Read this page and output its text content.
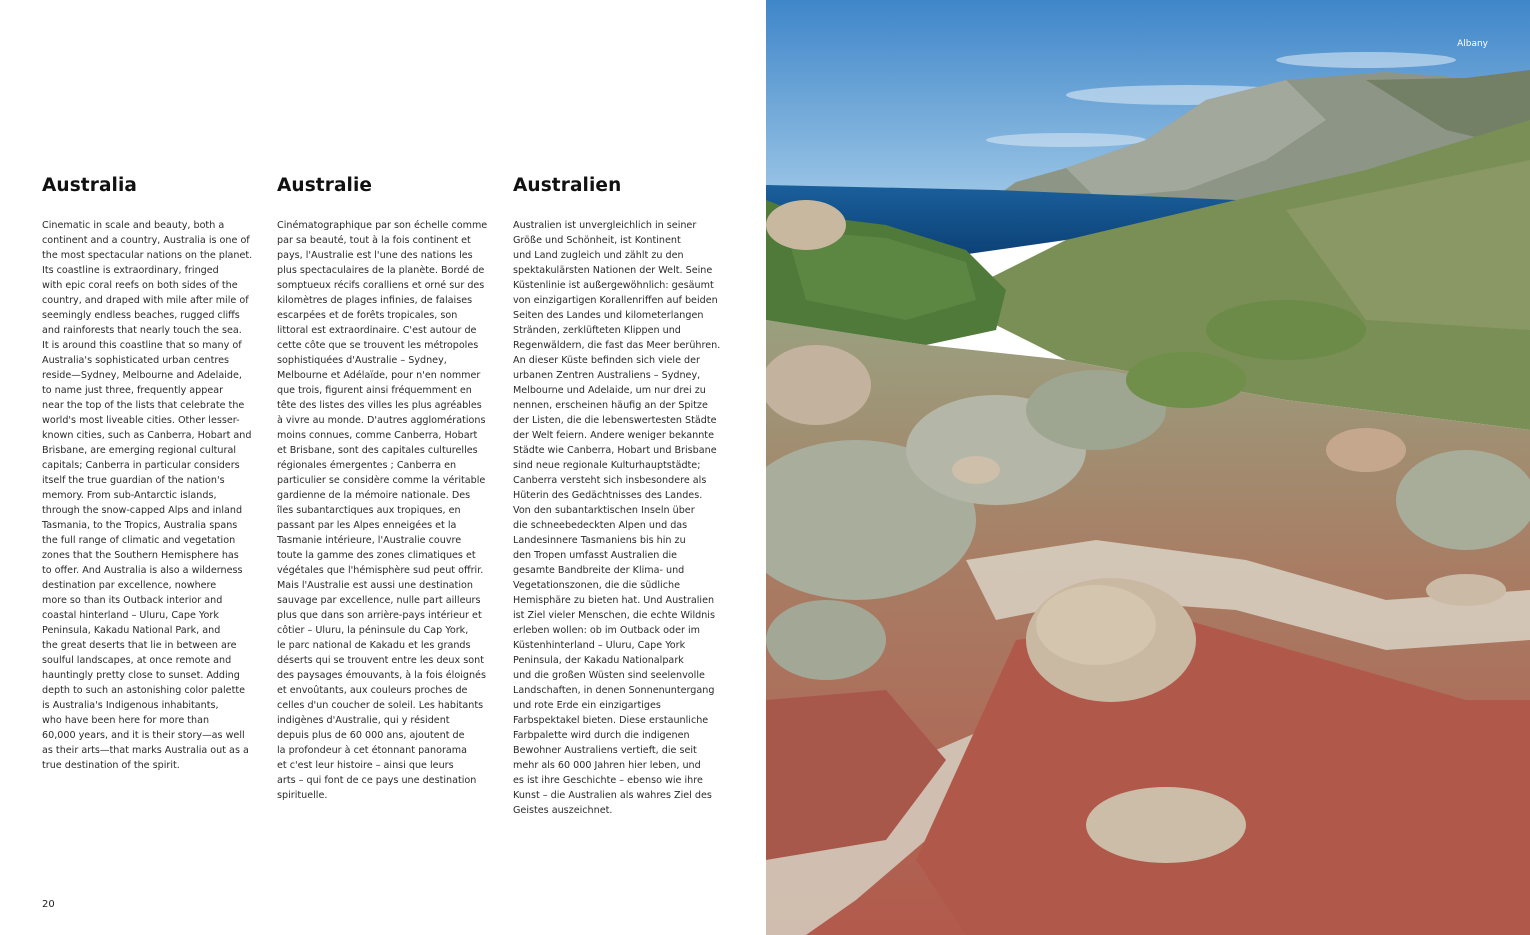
Australia

Cinematic in scale and beauty, both a
continent and a country, Australia is one of
the most spectacular nations on the planet.
Its coastline is extraordinary, fringed
with epic coral reefs on both sides of the
country, and draped with mile after mile of
seemingly endless beaches, rugged cliffs
and rainforests that nearly touch the sea.
It is around this coastline that so many of
Australia's sophisticated urban centres
reside—Sydney, Melbourne and Adelaide,
to name just three, frequently appear
near the top of the lists that celebrate the
world's most liveable cities. Other lesser-
known cities, such as Canberra, Hobart and
Brisbane, are emerging regional cultural
capitals; Canberra in particular considers
itself the true guardian of the nation's
memory. From sub-Antarctic islands,
through the snow-capped Alps and inland
Tasmania, to the Tropics, Australia spans
the full range of climatic and vegetation
zones that the Southern Hemisphere has
to offer. And Australia is also a wilderness
destination par excellence, nowhere
more so than its Outback interior and
coastal hinterland – Uluru, Cape York
Peninsula, Kakadu National Park, and
the great deserts that lie in between are
soulful landscapes, at once remote and
hauntingly pretty close to sunset. Adding
depth to such an astonishing color palette
is Australia's Indigenous inhabitants,
who have been here for more than
60,000 years, and it is their story—as well
as their arts—that marks Australia out as a
true destination of the spirit.

Australie

Cinématographique par son échelle comme
par sa beauté, tout à la fois continent et
pays, l'Australie est l'une des nations les
plus spectaculaires de la planète. Bordé de
somptueux récifs coralliens et orné sur des
kilomètres de plages infinies, de falaises
escarpées et de forêts tropicales, son
littoral est extraordinaire. C'est autour de
cette côte que se trouvent les métropoles
sophistiquées d'Australie – Sydney,
Melbourne et Adélaïde, pour n'en nommer
que trois, figurent ainsi fréquemment en
tête des listes des villes les plus agréables
à vivre au monde. D'autres agglomérations
moins connues, comme Canberra, Hobart
et Brisbane, sont des capitales culturelles
régionales émergentes ; Canberra en
particulier se considère comme la véritable
gardienne de la mémoire nationale. Des
îles subantarctiques aux tropiques, en
passant par les Alpes enneigées et la
Tasmanie intérieure, l'Australie couvre
toute la gamme des zones climatiques et
végétales que l'hémisphère sud peut offrir.
Mais l'Australie est aussi une destination
sauvage par excellence, nulle part ailleurs
plus que dans son arrière-pays intérieur et
côtier – Uluru, la péninsule du Cap York,
le parc national de Kakadu et les grands
déserts qui se trouvent entre les deux sont
des paysages émouvants, à la fois éloignés
et envoûtants, aux couleurs proches de
celles d'un coucher de soleil. Les habitants
indigènes d'Australie, qui y résident
depuis plus de 60 000 ans, ajoutent de
la profondeur à cet étonnant panorama
et c'est leur histoire – ainsi que leurs
arts – qui font de ce pays une destination
spirituelle.

Australien

Australien ist unvergleichlich in seiner
Größe und Schönheit, ist Kontinent
und Land zugleich und zählt zu den
spektakulärsten Nationen der Welt. Seine
Küstenlinie ist außergewöhnlich: gesäumt
von einzigartigen Korallenriffen auf beiden
Seiten des Landes und kilometerlangen
Stränden, zerklüfteten Klippen und
Regenwäldern, die fast das Meer berühren.
An dieser Küste befinden sich viele der
urbanen Zentren Australiens – Sydney,
Melbourne und Adelaide, um nur drei zu
nennen, erscheinen häufig an der Spitze
der Listen, die die lebenswertesten Städte
der Welt feiern. Andere weniger bekannte
Städte wie Canberra, Hobart und Brisbane
sind neue regionale Kulturhauptstädte;
Canberra versteht sich insbesondere als
Hüterin des Gedächtnisses des Landes.
Von den subantarktischen Inseln über
die schneebedeckten Alpen und das
Landesinnere Tasmaniens bis hin zu
den Tropen umfasst Australien die
gesamte Bandbreite der Klima- und
Vegetationszonen, die die südliche
Hemisphäre zu bieten hat. Und Australien
ist Ziel vieler Menschen, die echte Wildnis
erleben wollen: ob im Outback oder im
Küstenhinterland – Uluru, Cape York
Peninsula, der Kakadu Nationalpark
und die großen Wüsten sind seelenvolle
Landschaften, in denen Sonnenuntergang
und rote Erde ein einzigartiges
Farbspektakel bieten. Diese erstaunliche
Farbpalette wird durch die indigenen
Bewohner Australiens vertieft, die seit
mehr als 60 000 Jahren hier leben, und
es ist ihre Geschichte – ebenso wie ihre
Kunst – die Australien als wahres Ziel des
Geistes auszeichnet.

20
Albany
